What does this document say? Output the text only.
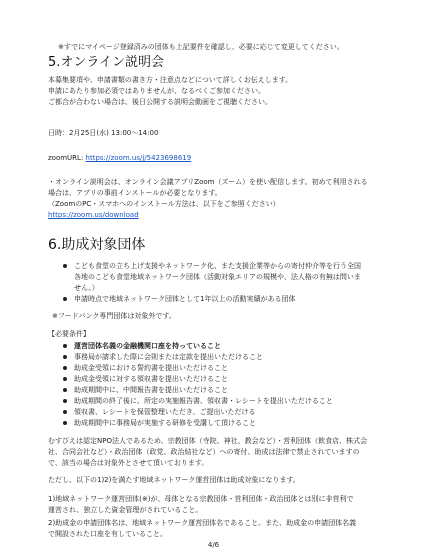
※すでにマイページ登録済みの団体も上記要件を確認し、必要に応じて変更してください。
5.オンライン説明会
本募集要項や、申請書類の書き方・注意点などについて詳しくお伝えします。
申請にあたり参加必須ではありませんが、なるべくご参加ください。
ご都合が合わない場合は、後日公開する説明会動画をご視聴ください。
日時：2月25日(水) 13:00～14:00
zoomURL: https://zoom.us/j/5423698619
・オンライン説明会は、オンライン会議アプリZoom（ズーム）を使い配信します。初めて利用される
場合は、アプリの事前インストールが必要となります。
（ZoomのPC・スマホへのインストール方法は、以下をご参照ください）
https://zoom.us/download
6.助成対象団体
こども食堂の立ち上げ支援やネットワーク化、また支援企業等からの寄付仲介等を行う全国
各地のこども食堂地域ネットワーク団体（活動対象エリアの規模や、法人格の有無は問いま
せん。）
申請時点で地域ネットワーク団体として1年以上の活動実績がある団体
※フードバンク専門団体は対象外です。
【必要条件】
運営団体名義の金融機関口座を持っていること
事務局が請求した際に会則または定款を提出いただけること
助成金受領における誓約書を提出いただけること
助成金受領に対する領収書を提出いただけること
助成期間中に、中間報告書を提出いただけること
助成期間の終了後に、所定の実施報告書、領収書・レシートを提出いただけること
領収書、レシートを保管整理いただき、ご提出いただける
助成期間中に事務局が実施する研修を受講して頂けること
むすびえは認定NPO法人であるため、宗教団体（寺院、神社、教会など）・営利団体（飲食店、株式会
社、合同会社など）・政治団体（政党、政治結社など）への寄付、助成は法律で禁止されていますの
で、該当の場合は対象外とさせて頂いております。
ただし、以下の1)2)を満たす地域ネットワーク運営団体は助成対象になります。
1)地域ネットワーク運営団体(※)が、母体となる宗教団体・営利団体・政治団体とは別に非営利で
運営され、独立した資金管理がされていること。
2)助成金の申請団体名は、地域ネットワーク運営団体名であること。また、助成金の申請団体名義
で開設された口座を有していること。
4/6
